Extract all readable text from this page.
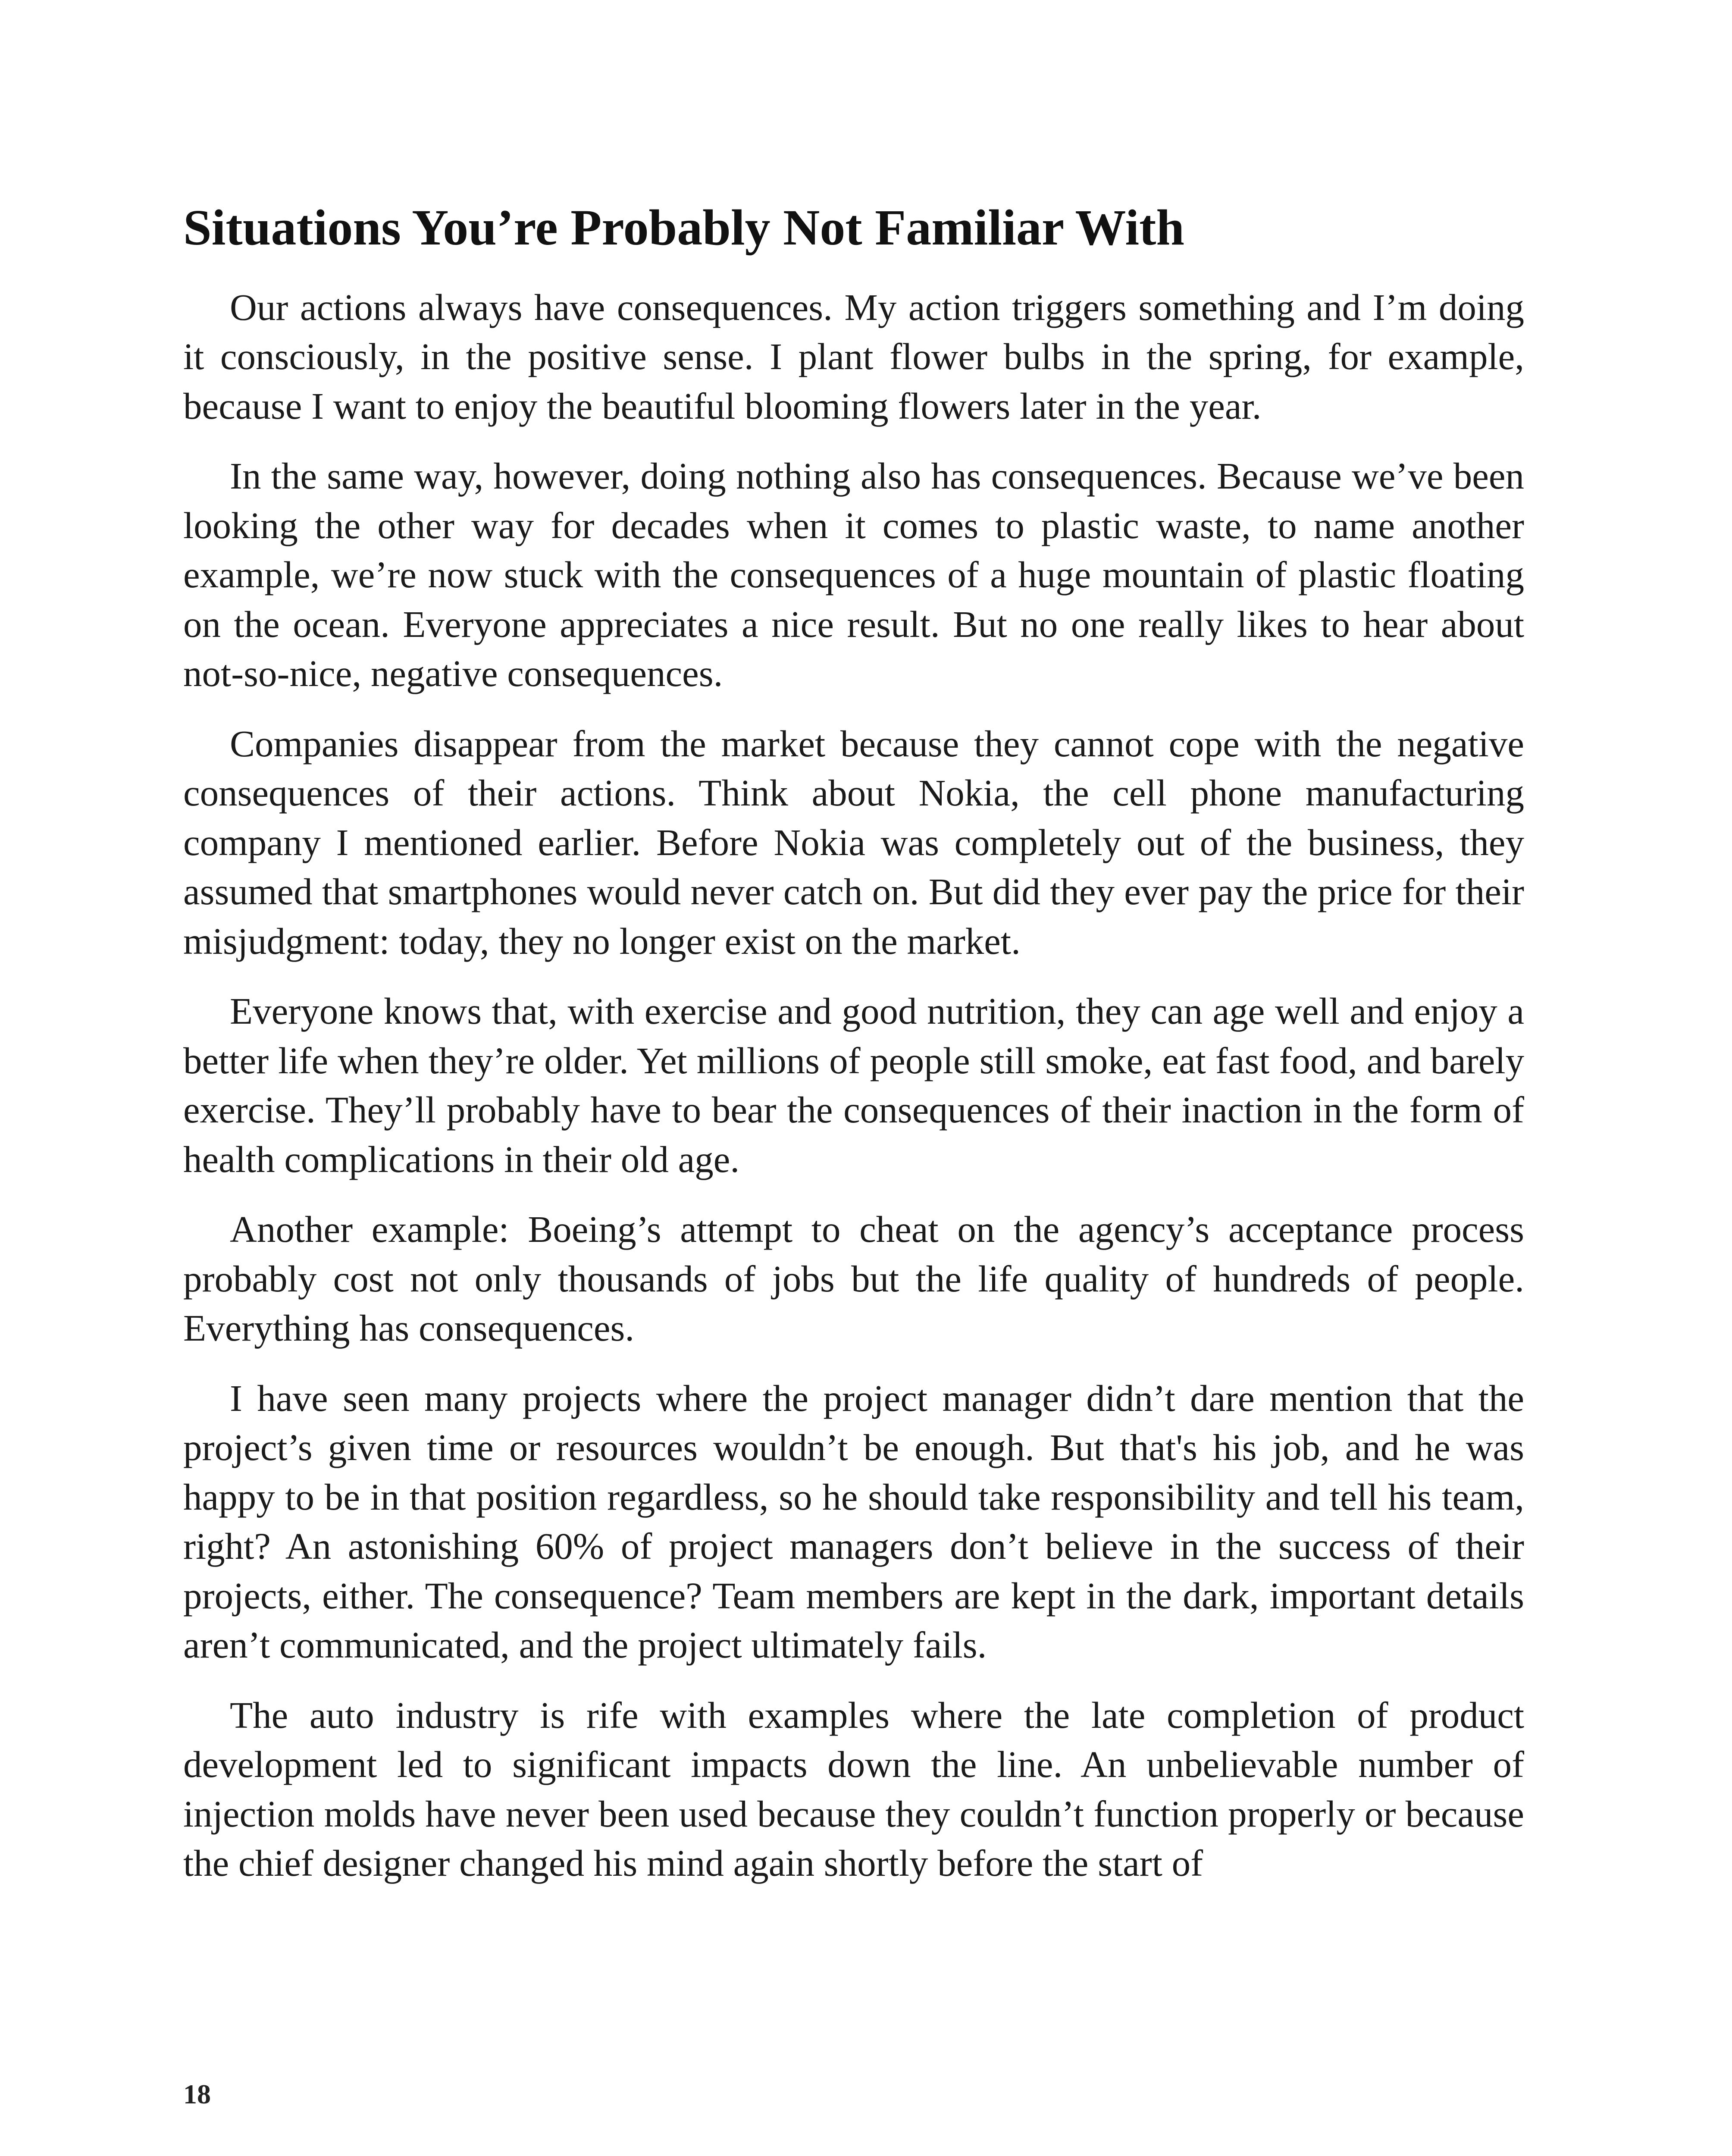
Situations You’re Probably Not Familiar With

Our actions always have consequences. My action triggers something and I’m doing it consciously, in the positive sense. I plant flower bulbs in the spring, for example, because I want to enjoy the beautiful blooming flowers later in the year.

In the same way, however, doing nothing also has consequences. Because we’ve been looking the other way for decades when it comes to plastic waste, to name another example, we’re now stuck with the consequences of a huge mountain of plastic floating on the ocean. Everyone appreciates a nice result. But no one really likes to hear about not-so-nice, negative consequences.

Companies disappear from the market because they cannot cope with the negative consequences of their actions. Think about Nokia, the cell phone manufacturing company I mentioned earlier. Before Nokia was completely out of the business, they assumed that smartphones would never catch on. But did they ever pay the price for their misjudgment: today, they no longer exist on the market.

Everyone knows that, with exercise and good nutrition, they can age well and enjoy a better life when they’re older. Yet millions of people still smoke, eat fast food, and barely exercise. They’ll probably have to bear the consequences of their inaction in the form of health complications in their old age.

Another example: Boeing’s attempt to cheat on the agency’s acceptance process probably cost not only thousands of jobs but the life quality of hundreds of people. Everything has consequences.

I have seen many projects where the project manager didn’t dare mention that the project’s given time or resources wouldn’t be enough. But that's his job, and he was happy to be in that position regardless, so he should take responsibility and tell his team, right? An astonishing 60% of project managers don’t believe in the success of their projects, either. The consequence? Team members are kept in the dark, important details aren’t communicated, and the project ultimately fails.

The auto industry is rife with examples where the late completion of product development led to significant impacts down the line. An unbelievable number of injection molds have never been used because they couldn’t function properly or because the chief designer changed his mind again shortly before the start of

18
